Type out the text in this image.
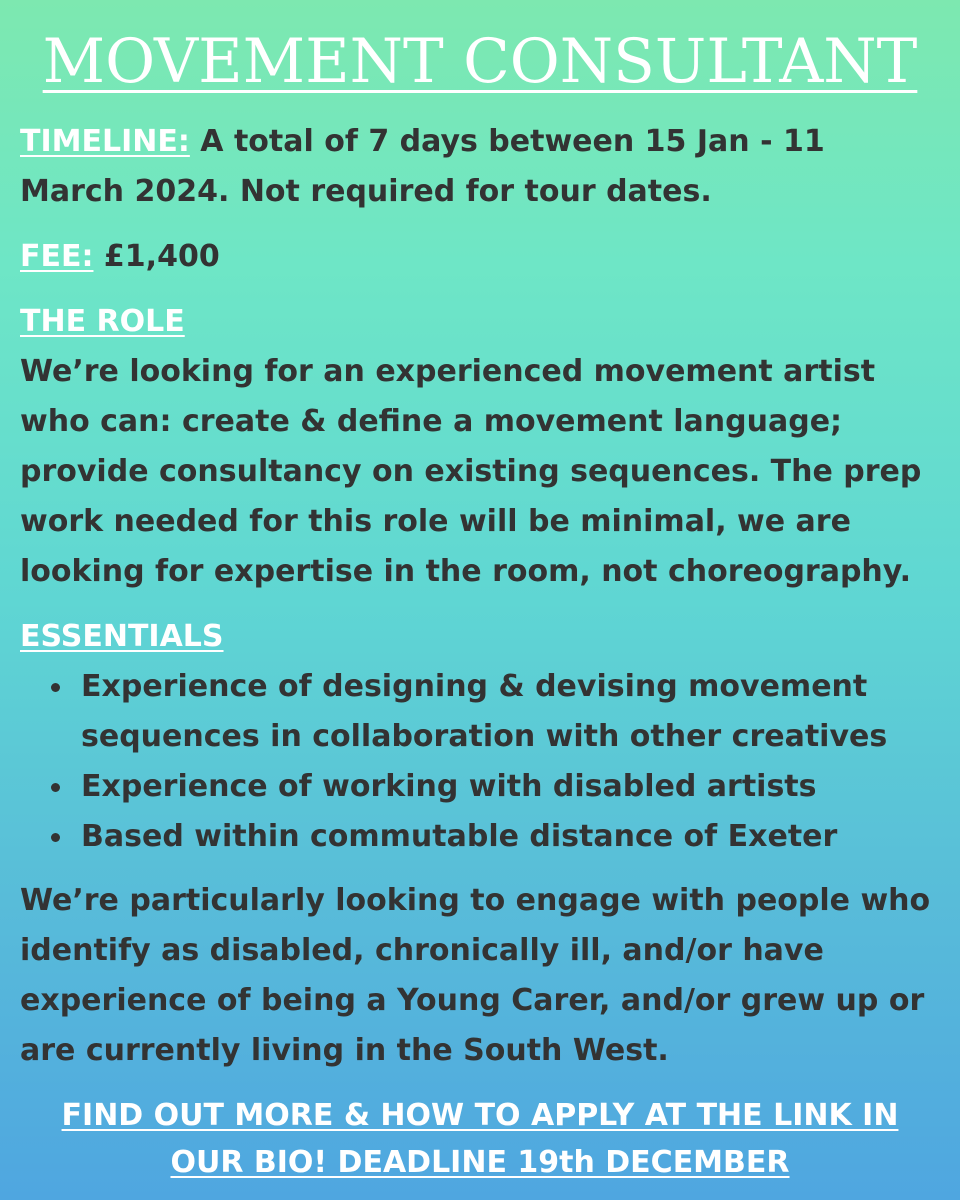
MOVEMENT CONSULTANT
TIMELINE: A total of 7 days between 15 Jan - 11
March 2024. Not required for tour dates.
FEE: £1,400
THE ROLE
We’re looking for an experienced movement artist
who can: create & define a movement language;
provide consultancy on existing sequences. The prep
work needed for this role will be minimal, we are
looking for expertise in the room, not choreography.
ESSENTIALS
Experience of designing & devising movement
sequences in collaboration with other creatives
Experience of working with disabled artists
Based within commutable distance of Exeter
We’re particularly looking to engage with people who
identify as disabled, chronically ill, and/or have
experience of being a Young Carer, and/or grew up or
are currently living in the South West.
FIND OUT MORE & HOW TO APPLY AT THE LINK IN
OUR BIO! DEADLINE 19th DECEMBER
